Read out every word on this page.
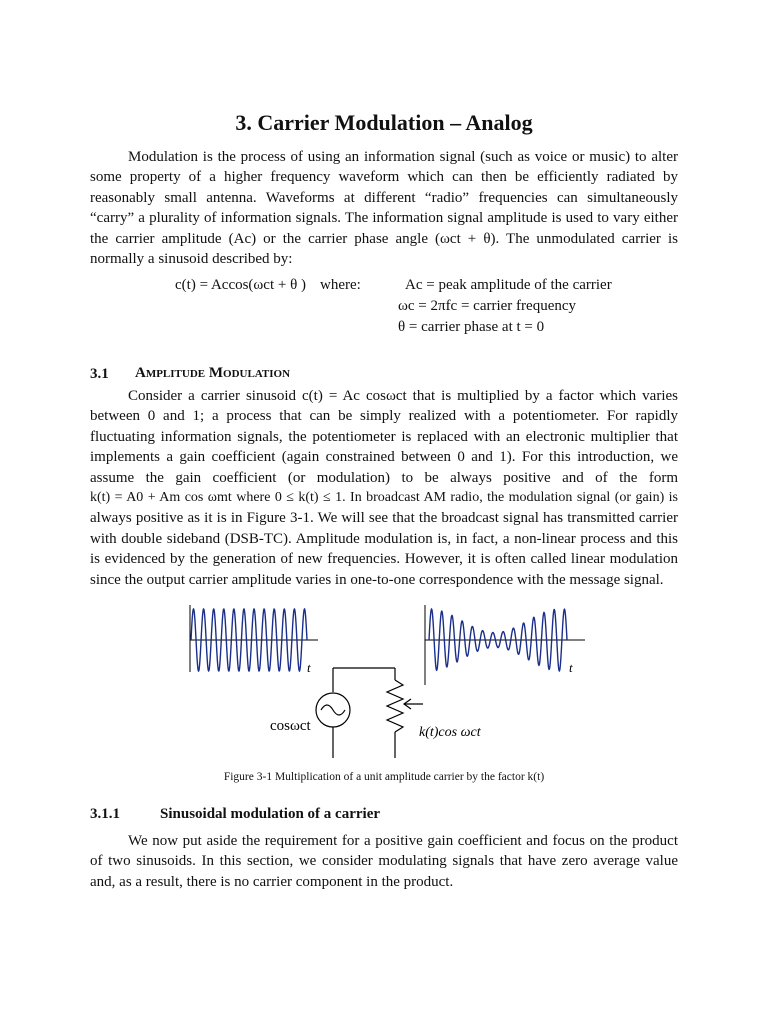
3. Carrier Modulation – Analog
Modulation is the process of using an information signal (such as voice or music) to alter
some property of a higher frequency waveform which can then be efficiently radiated by
reasonably small antenna. Waveforms at different “radio” frequencies can simultaneously
“carry” a plurality of information signals. The information signal amplitude is used to vary either
the carrier amplitude (Ac) or the carrier phase angle (ωct + θ). The unmodulated carrier is
normally a sinusoid described by:
c(t) = Accos(ωct + θ ) where:	Ac = peak amplitude of the carrier
ωc = 2πfc = carrier frequency
θ = carrier phase at t = 0
3.1 Amplitude Modulation
Consider a carrier sinusoid c(t) = Ac cosωct that is multiplied by a factor which varies
between 0 and 1; a process that can be simply realized with a potentiometer. For rapidly
fluctuating information signals, the potentiometer is replaced with an electronic multiplier that
implements a gain coefficient (again constrained between 0 and 1). For this introduction, we
assume the gain coefficient (or modulation) to be always positive and of the form
k(t) = A0 + Am cos ωmt where 0 ≤ k(t) ≤ 1. In broadcast AM radio, the modulation signal (or gain) is
always positive as it is in Figure 3-1. We will see that the broadcast signal has transmitted carrier
with double sideband (DSB-TC). Amplitude modulation is, in fact, a non-linear process and this
is evidenced by the generation of new frequencies. However, it is often called linear modulation
since the output carrier amplitude varies in one-to-one correspondence with the message signal.
t	t
cosωct	k(t)cos ωct
Figure 3-1 Multiplication of a unit amplitude carrier by the factor k(t)
3.1.1	Sinusoidal modulation of a carrier
We now put aside the requirement for a positive gain coefficient and focus on the product
of two sinusoids. In this section, we consider modulating signals that have zero average value
and, as a result, there is no carrier component in the product.
